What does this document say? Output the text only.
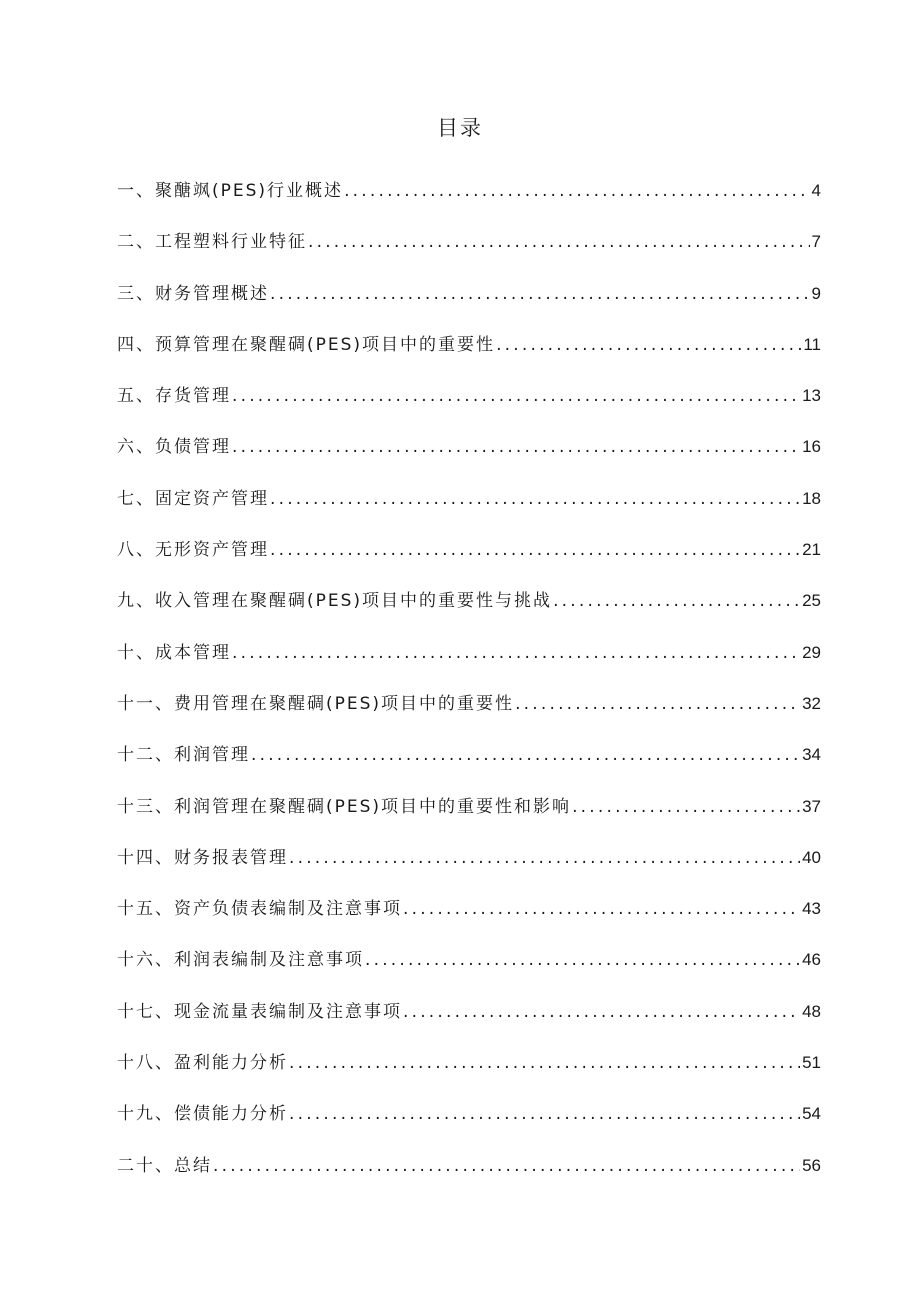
目录
一、聚醣飒(PES)行业概述 .....	4
二、工程塑料行业特征 .....	7
三、财务管理概述 .....	9
四、预算管理在聚醒碉(PES)项目中的重要性 .....	11
五、存货管理 .....	13
六、负债管理 .....	16
七、固定资产管理 .....	18
八、无形资产管理 .....	21
九、收入管理在聚醒碉(PES)项目中的重要性与挑战 .....	25
十、成本管理 .....	29
十一、费用管理在聚醒碉(PES)项目中的重要性 .....	32
十二、利润管理 .....	34
十三、利润管理在聚醒碉(PES)项目中的重要性和影响 .....	37
十四、财务报表管理 .....	40
十五、资产负债表编制及注意事项 .....	43
十六、利润表编制及注意事项 .....	46
十七、现金流量表编制及注意事项 .....	48
十八、盈利能力分析 .....	51
十九、偿债能力分析 .....	54
二十、总结 .....	56
